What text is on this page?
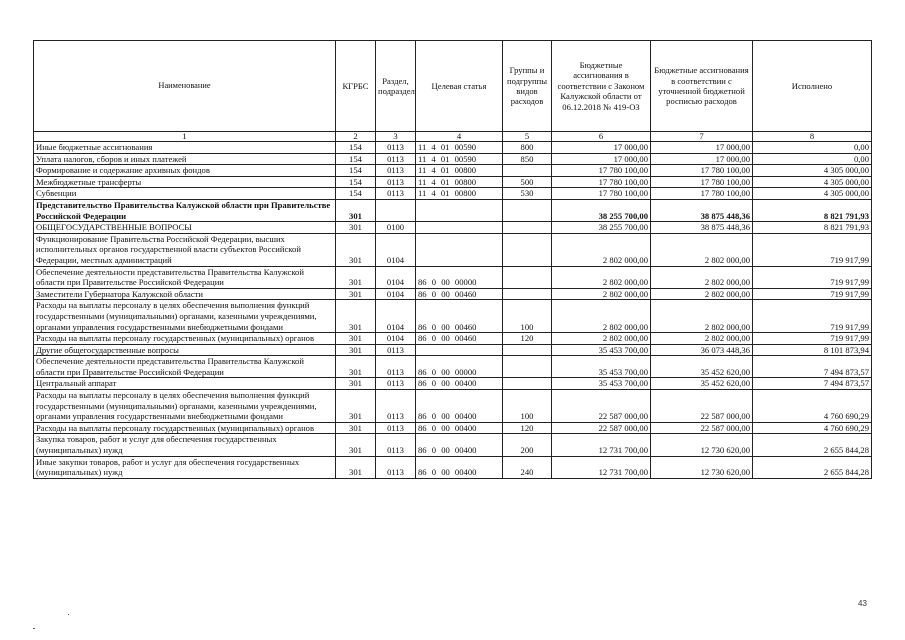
Наименование	КГРБС	Раздел, подраздел	Целевая статья	Группы и подгруппы видов расходов	Бюджетные ассигнования в соответствии с Законом Калужской области от 06.12.2018 № 419-ОЗ	Бюджетные ассигнования в соответствии с уточненной бюджетной росписью расходов	Исполнено
1	2	3	4	5	6	7	8
Иные бюджетные ассигнования	154	0113	11 4 01 00590	800	17 000,00	17 000,00	0,00
Уплата налогов, сборов и иных платежей	154	0113	11 4 01 00590	850	17 000,00	17 000,00	0,00
Формирование и содержание архивных фондов	154	0113	11 4 01 00800		17 780 100,00	17 780 100,00	4 305 000,00
Межбюджетные трансферты	154	0113	11 4 01 00800	500	17 780 100,00	17 780 100,00	4 305 000,00
Субвенции	154	0113	11 4 01 00800	530	17 780 100,00	17 780 100,00	4 305 000,00
Представительство Правительства Калужской области при Правительстве Российской Федерации	301				38 255 700,00	38 875 448,36	8 821 791,93
ОБЩЕГОСУДАРСТВЕННЫЕ ВОПРОСЫ	301	0100			38 255 700,00	38 875 448,36	8 821 791,93
Функционирование Правительства Российской Федерации, высших исполнительных органов государственной власти субъектов Российской Федерации, местных администраций	301	0104			2 802 000,00	2 802 000,00	719 917,99
Обеспечение деятельности представительства Правительства Калужской области при Правительстве Российской Федерации	301	0104	86 0 00 00000		2 802 000,00	2 802 000,00	719 917,99
Заместители Губернатора Калужской области	301	0104	86 0 00 00460		2 802 000,00	2 802 000,00	719 917,99
Расходы на выплаты персоналу в целях обеспечения выполнения функций государственными (муниципальными) органами, казенными учреждениями, органами управления государственными внебюджетными фондами	301	0104	86 0 00 00460	100	2 802 000,00	2 802 000,00	719 917,99
Расходы на выплаты персоналу государственных (муниципальных) органов	301	0104	86 0 00 00460	120	2 802 000,00	2 802 000,00	719 917,99
Другие общегосударственные вопросы	301	0113			35 453 700,00	36 073 448,36	8 101 873,94
Обеспечение деятельности представительства Правительства Калужской области при Правительстве Российской Федерации	301	0113	86 0 00 00000		35 453 700,00	35 452 620,00	7 494 873,57
Центральный аппарат	301	0113	86 0 00 00400		35 453 700,00	35 452 620,00	7 494 873,57
Расходы на выплаты персоналу в целях обеспечения выполнения функций государственными (муниципальными) органами, казенными учреждениями, органами управления государственными внебюджетными фондами	301	0113	86 0 00 00400	100	22 587 000,00	22 587 000,00	4 760 690,29
Расходы на выплаты персоналу государственных (муниципальных) органов	301	0113	86 0 00 00400	120	22 587 000,00	22 587 000,00	4 760 690,29
Закупка товаров, работ и услуг для обеспечения государственных (муниципальных) нужд	301	0113	86 0 00 00400	200	12 731 700,00	12 730 620,00	2 655 844,28
Иные закупки товаров, работ и услуг для обеспечения государственных (муниципальных) нужд	301	0113	86 0 00 00400	240	12 731 700,00	12 730 620,00	2 655 844,28
43
